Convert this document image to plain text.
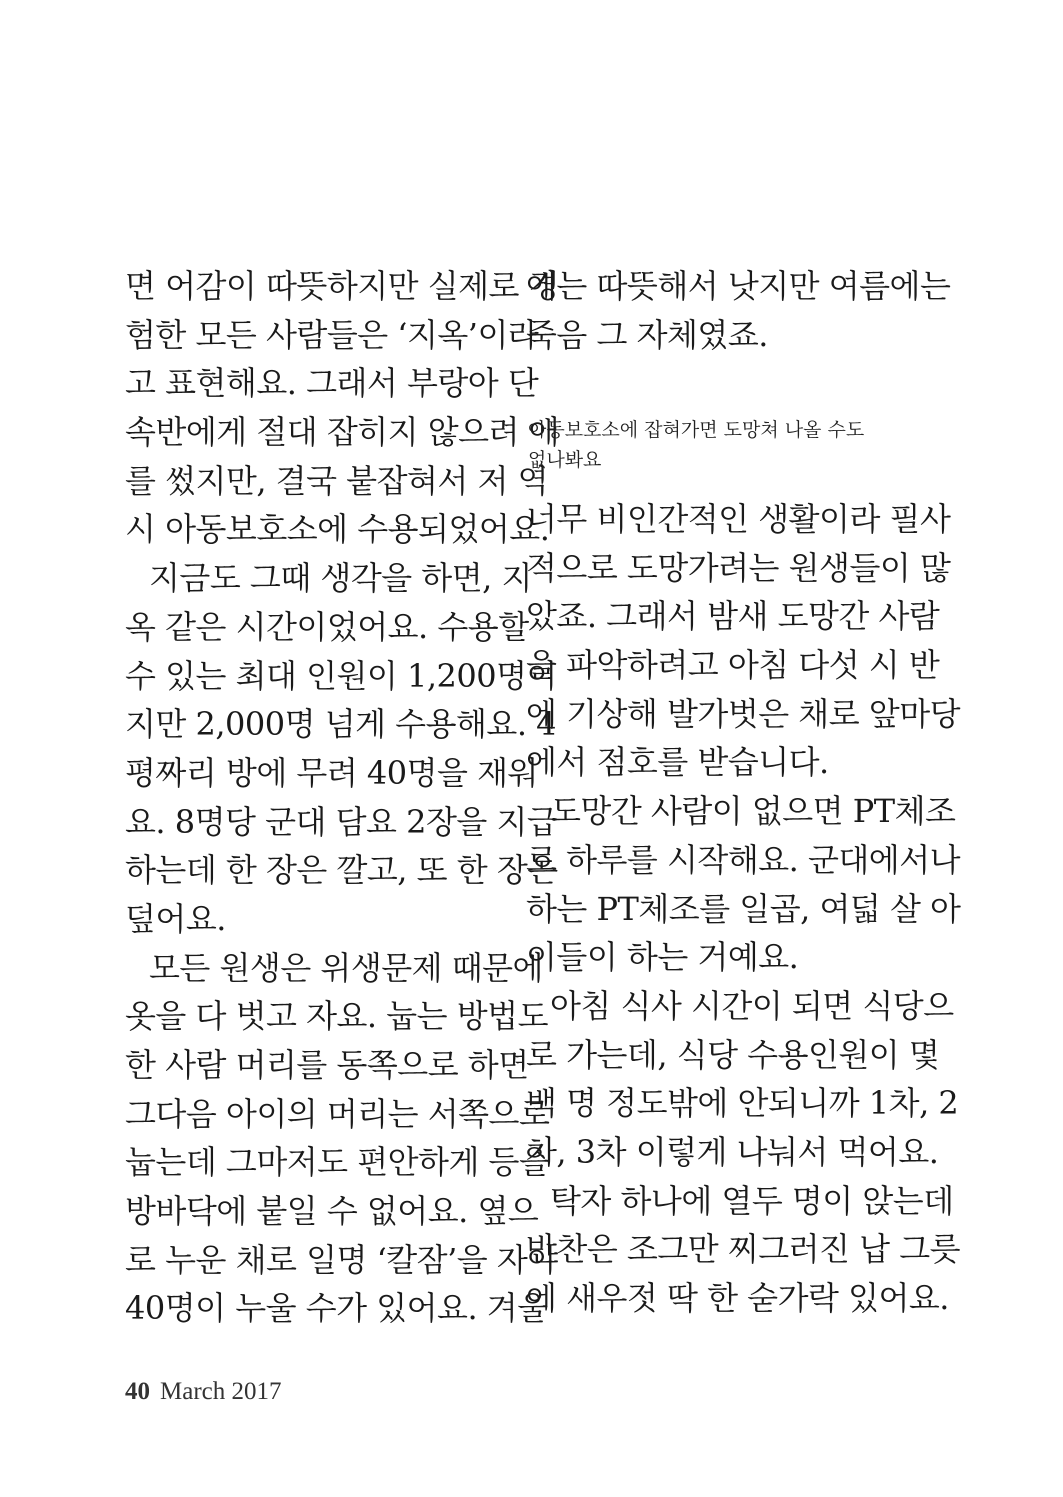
면 어감이 따뜻하지만 실제로 경
험한 모든 사람들은 ‘지옥’이라
고 표현해요. 그래서 부랑아 단
속반에게 절대 잡히지 않으려 애
를 썼지만, 결국 붙잡혀서 저 역
시 아동보호소에 수용되었어요.
지금도 그때 생각을 하면, 지
옥 같은 시간이었어요. 수용할
수 있는 최대 인원이 1,200명이
지만 2,000명 넘게 수용해요. 4
평짜리 방에 무려 40명을 재워
요. 8명당 군대 담요 2장을 지급
하는데 한 장은 깔고, 또 한 장은
덮어요.
모든 원생은 위생문제 때문에
옷을 다 벗고 자요. 눕는 방법도
한 사람 머리를 동쪽으로 하면
그다음 아이의 머리는 서쪽으로
눕는데 그마저도 편안하게 등을
방바닥에 붙일 수 없어요. 옆으
로 누운 채로 일명 ‘칼잠’을 자야
40명이 누울 수가 있어요. 겨울
에는 따뜻해서 낫지만 여름에는
죽음 그 자체였죠.
아동보호소에 잡혀가면 도망쳐 나올 수도
없나봐요
너무 비인간적인 생활이라 필사
적으로 도망가려는 원생들이 많
았죠. 그래서 밤새 도망간 사람
을 파악하려고 아침 다섯 시 반
에 기상해 발가벗은 채로 앞마당
에서 점호를 받습니다.
도망간 사람이 없으면 PT체조
로 하루를 시작해요. 군대에서나
하는 PT체조를 일곱, 여덟 살 아
이들이 하는 거예요.
아침 식사 시간이 되면 식당으
로 가는데, 식당 수용인원이 몇
백 명 정도밖에 안되니까 1차, 2
차, 3차 이렇게 나눠서 먹어요.
탁자 하나에 열두 명이 앉는데
반찬은 조그만 찌그러진 납 그릇
에 새우젓 딱 한 숟가락 있어요.
40 March 2017
